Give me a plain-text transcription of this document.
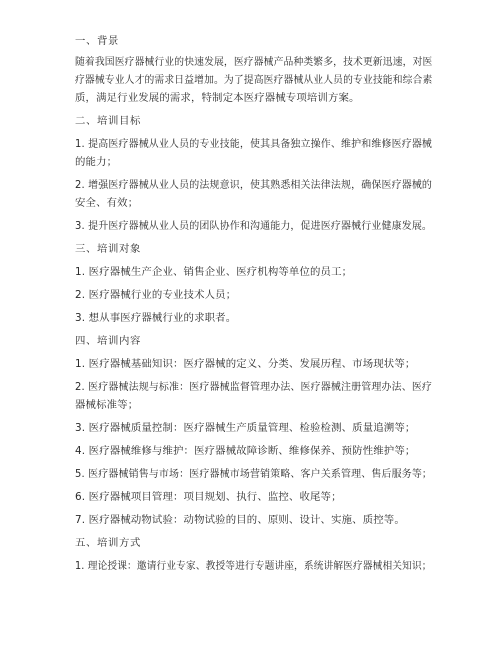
一、背景
随着我国医疗器械行业的快速发展，医疗器械产品种类繁多，技术更新迅速，对医
疗器械专业人才的需求日益增加。为了提高医疗器械从业人员的专业技能和综合素
质，满足行业发展的需求，特制定本医疗器械专项培训方案。
二、培训目标
1. 提高医疗器械从业人员的专业技能，使其具备独立操作、维护和维修医疗器械
的能力；
2. 增强医疗器械从业人员的法规意识，使其熟悉相关法律法规，确保医疗器械的
安全、有效；
3. 提升医疗器械从业人员的团队协作和沟通能力，促进医疗器械行业健康发展。
三、培训对象
1. 医疗器械生产企业、销售企业、医疗机构等单位的员工；
2. 医疗器械行业的专业技术人员；
3. 想从事医疗器械行业的求职者。
四、培训内容
1. 医疗器械基础知识：医疗器械的定义、分类、发展历程、市场现状等；
2. 医疗器械法规与标准：医疗器械监督管理办法、医疗器械注册管理办法、医疗
器械标准等；
3. 医疗器械质量控制：医疗器械生产质量管理、检验检测、质量追溯等；
4. 医疗器械维修与维护：医疗器械故障诊断、维修保养、预防性维护等；
5. 医疗器械销售与市场：医疗器械市场营销策略、客户关系管理、售后服务等；
6. 医疗器械项目管理：项目规划、执行、监控、收尾等；
7. 医疗器械动物试验：动物试验的目的、原则、设计、实施、质控等。
五、培训方式
1. 理论授课：邀请行业专家、教授等进行专题讲座，系统讲解医疗器械相关知识；
